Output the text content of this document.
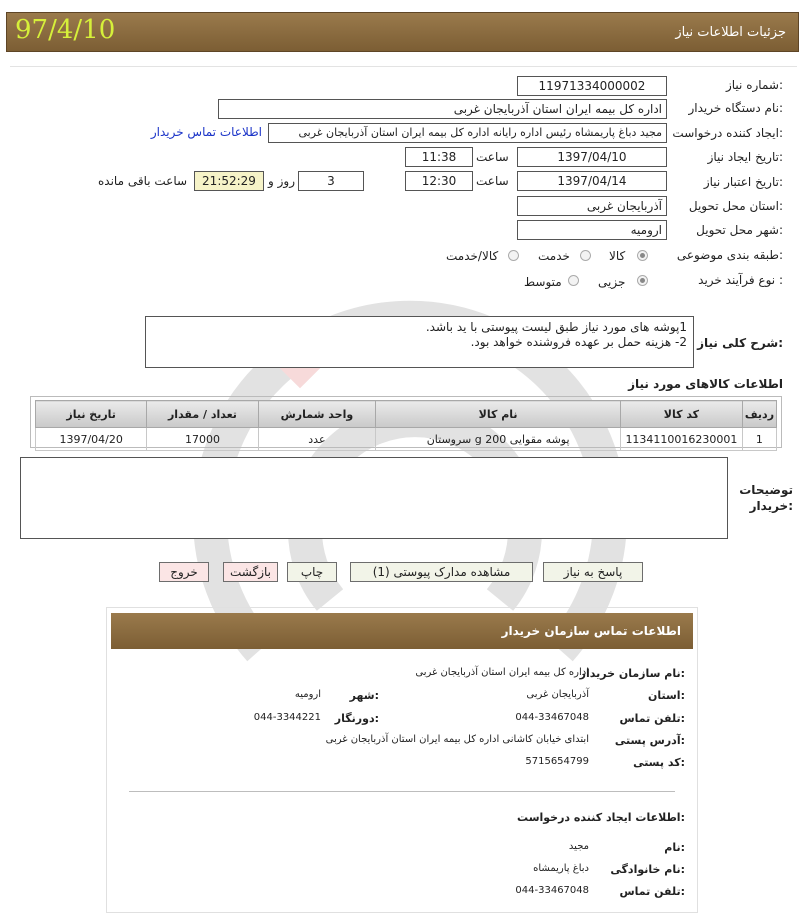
97/4/10	جزئیات اطلاعات نیاز
شماره نیاز:
11971334000002
نام دستگاه خریدار:
اداره کل بیمه ایران استان آذربایجان غربی
ایجاد کننده درخواست:
مجید دباغ پاریمشاه رئیس اداره رایانه اداره کل بیمه ایران استان آذربایجان غربی
اطلاعات تماس خریدار
تاریخ ایجاد نیاز:
1397/04/10
ساعت
11:38
تاریخ اعتبار نیاز:
1397/04/14
ساعت
12:30
3
روز و
21:52:29
ساعت باقی مانده
استان محل تحویل:
آذربایجان غربی
شهر محل تحویل:
ارومیه
طبقه بندی موضوعی:
کالا
خدمت
کالا/خدمت
نوع فرآیند خرید :
جزیی
متوسط
شرح کلی نیاز:
1پوشه های مورد نیاز طبق لیست پیوستی با ید باشد.
2- هزینه حمل بر عهده فروشنده خواهد بود.
اطلاعات کالاهای مورد نیاز
ردیف	کد کالا	نام کالا	واحد شمارش	تعداد / مقدار	تاریخ نیاز
1	1134110016230001	پوشه مقوایی 200 g سروستان	عدد	17000	1397/04/20
توضیحات خریدار:
پاسخ به نیاز
مشاهده مدارک پیوستی (1)
چاپ
بازگشت
خروج
اطلاعات تماس سازمان خریدار
نام سازمان خریدار:
اداره کل بیمه ایران استان آذربایجان غربی
استان:
آذربایجان غربی
شهر:
ارومیه
تلفن تماس:
044-33467048
دورنگار:
044-3344221
آدرس پستی:
ابتدای خیابان کاشانی اداره کل بیمه ایران استان آذربایجان غربی
کد پستی:
5715654799
اطلاعات ایجاد کننده درخواست:
نام:
مجید
نام خانوادگی:
دباغ پاریمشاه
تلفن تماس:
044-33467048
